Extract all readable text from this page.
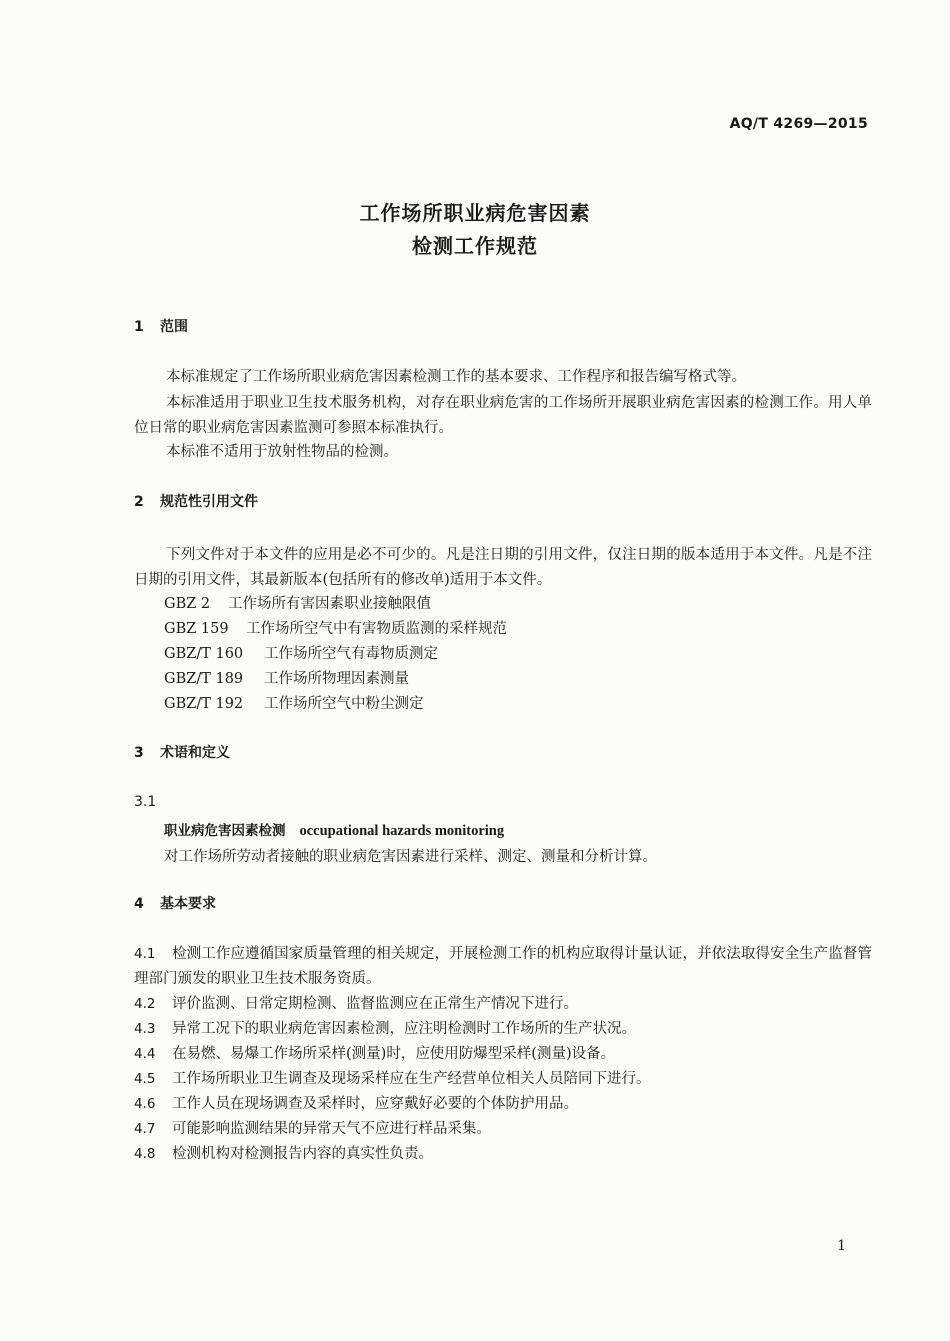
AQ/T 4269—2015
工作场所职业病危害因素
检测工作规范
1 范围
本标准规定了工作场所职业病危害因素检测工作的基本要求、工作程序和报告编写格式等。
本标准适用于职业卫生技术服务机构，对存在职业病危害的工作场所开展职业病危害因素的检测工作。用人单位日常的职业病危害因素监测可参照本标准执行。
本标准不适用于放射性物品的检测。
2 规范性引用文件
下列文件对于本文件的应用是必不可少的。凡是注日期的引用文件，仅注日期的版本适用于本文件。凡是不注日期的引用文件，其最新版本(包括所有的修改单)适用于本文件。
GBZ 2 工作场所有害因素职业接触限值
GBZ 159 工作场所空气中有害物质监测的采样规范
GBZ/T 160 工作场所空气有毒物质测定
GBZ/T 189 工作场所物理因素测量
GBZ/T 192 工作场所空气中粉尘测定
3 术语和定义
3.1
职业病危害因素检测 occupational hazards monitoring
对工作场所劳动者接触的职业病危害因素进行采样、测定、测量和分析计算。
4 基本要求
4.1 检测工作应遵循国家质量管理的相关规定，开展检测工作的机构应取得计量认证，并依法取得安全生产监督管理部门颁发的职业卫生技术服务资质。
4.2 评价监测、日常定期检测、监督监测应在正常生产情况下进行。
4.3 异常工况下的职业病危害因素检测，应注明检测时工作场所的生产状况。
4.4 在易燃、易爆工作场所采样(测量)时，应使用防爆型采样(测量)设备。
4.5 工作场所职业卫生调查及现场采样应在生产经营单位相关人员陪同下进行。
4.6 工作人员在现场调查及采样时，应穿戴好必要的个体防护用品。
4.7 可能影响监测结果的异常天气不应进行样品采集。
4.8 检测机构对检测报告内容的真实性负责。
1
